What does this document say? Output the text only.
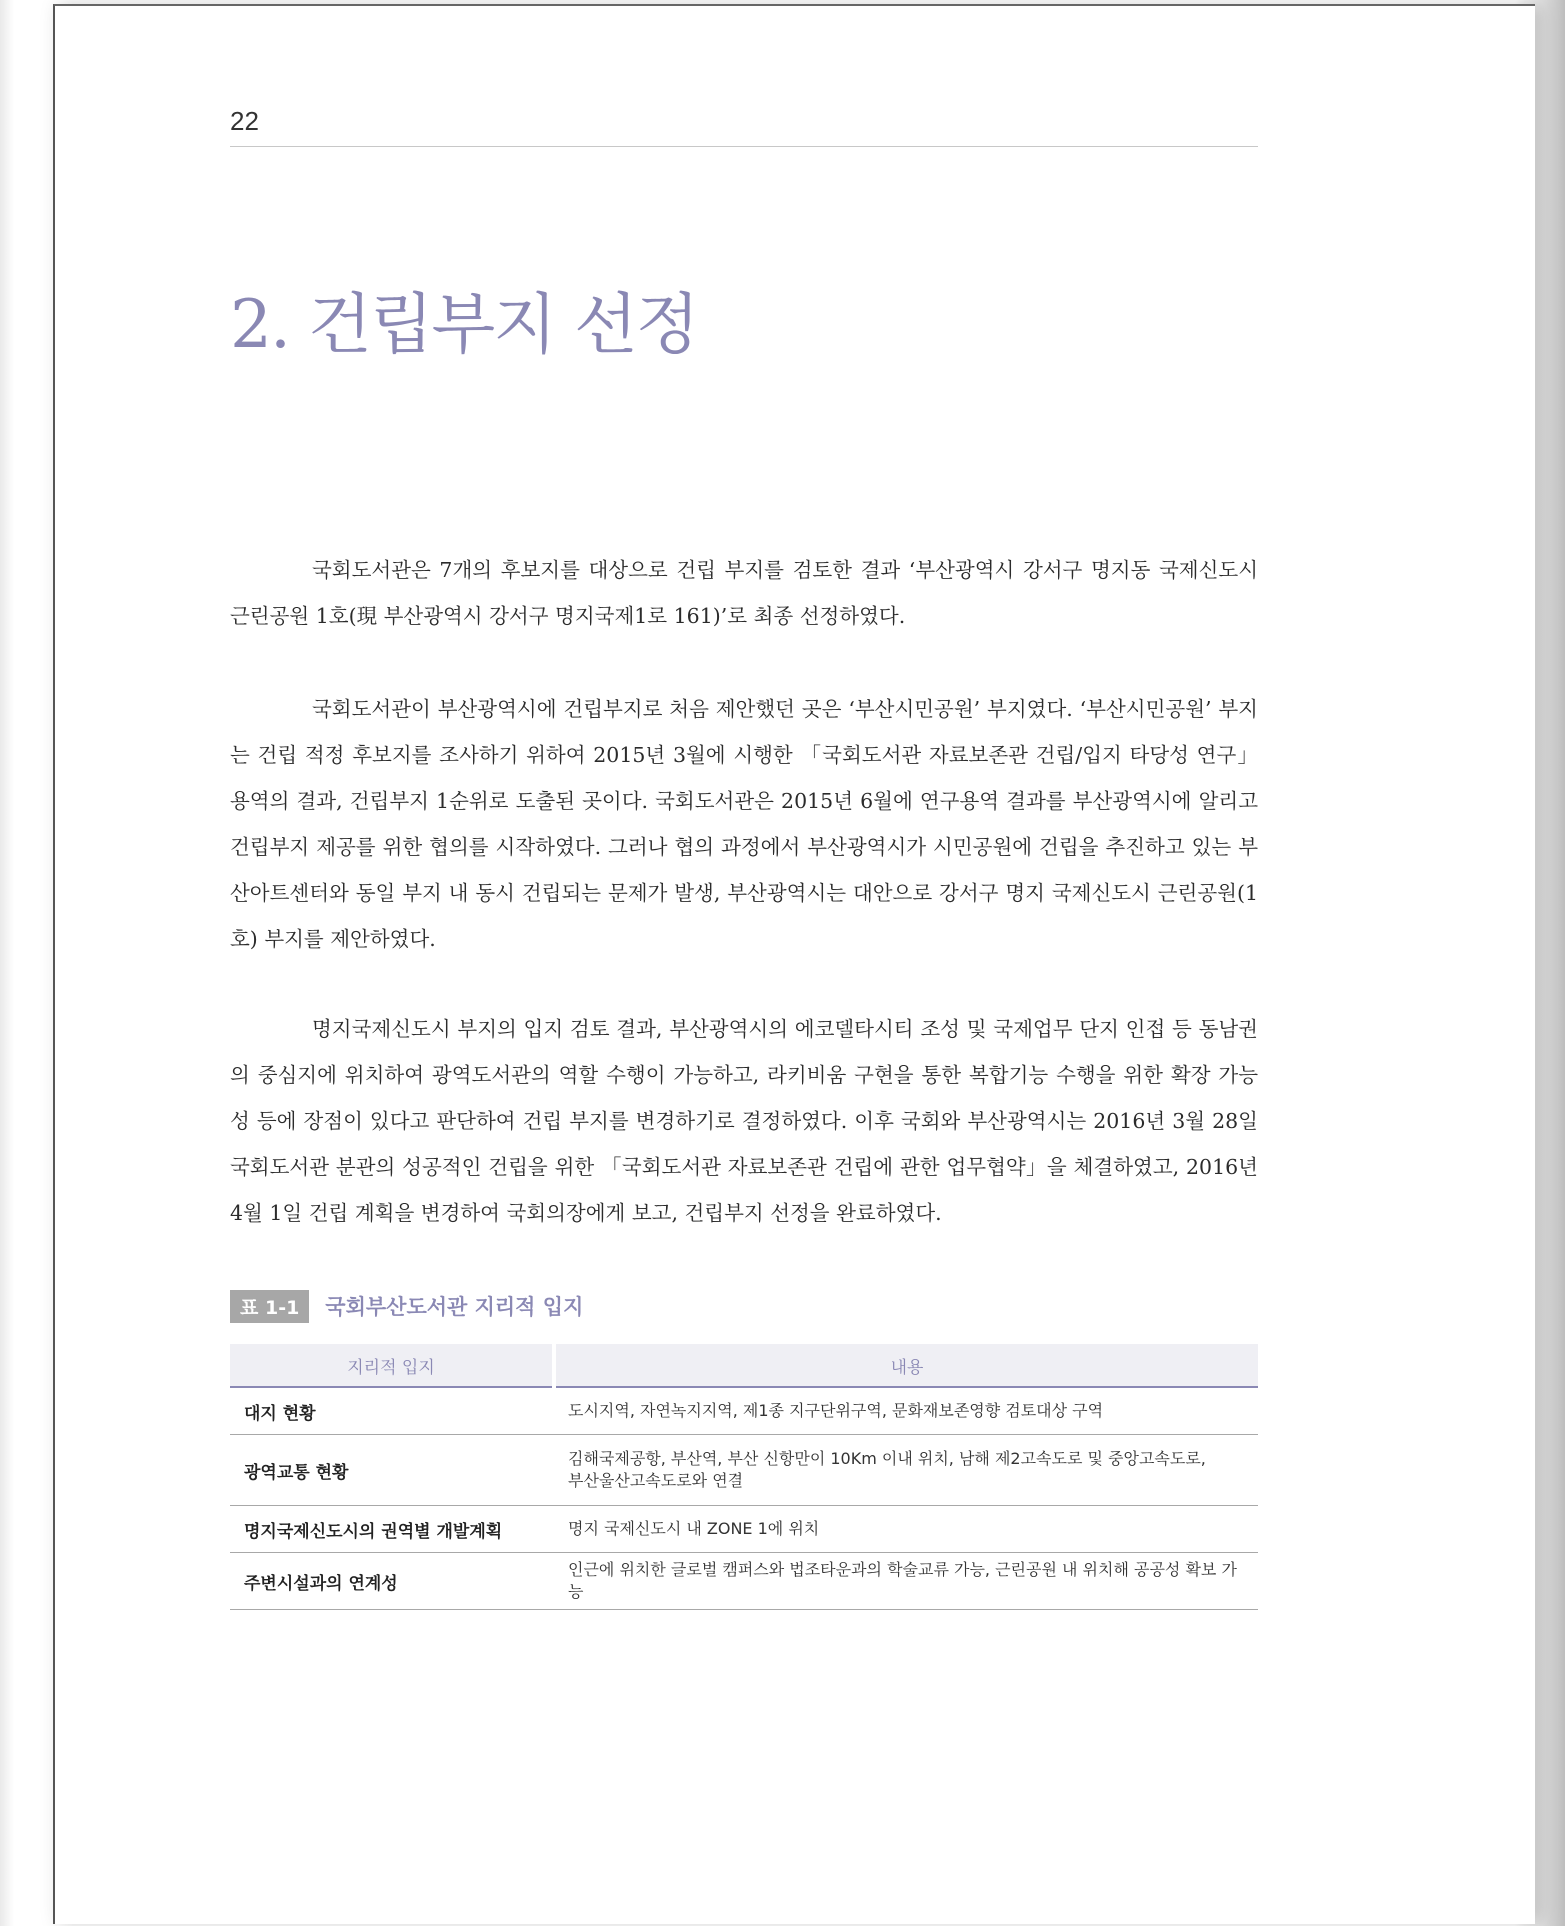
22
2. 건립부지 선정

국회도서관은 7개의 후보지를 대상으로 건립 부지를 검토한 결과 ‘부산광역시 강서구 명지동 국제신도시 근린공원 1호(現 부산광역시 강서구 명지국제1로 161)’로 최종 선정하였다.

국회도서관이 부산광역시에 건립부지로 처음 제안했던 곳은 ‘부산시민공원’ 부지였다. ‘부산시민공원’ 부지는 건립 적정 후보지를 조사하기 위하여 2015년 3월에 시행한 「국회도서관 자료보존관 건립/입지 타당성 연구」 용역의 결과, 건립부지 1순위로 도출된 곳이다. 국회도서관은 2015년 6월에 연구용역 결과를 부산광역시에 알리고 건립부지 제공를 위한 협의를 시작하였다. 그러나 협의 과정에서 부산광역시가 시민공원에 건립을 추진하고 있는 부산아트센터와 동일 부지 내 동시 건립되는 문제가 발생, 부산광역시는 대안으로 강서구 명지 국제신도시 근린공원(1호) 부지를 제안하였다.

명지국제신도시 부지의 입지 검토 결과, 부산광역시의 에코델타시티 조성 및 국제업무 단지 인접 등 동남권의 중심지에 위치하여 광역도서관의 역할 수행이 가능하고, 라키비움 구현을 통한 복합기능 수행을 위한 확장 가능성 등에 장점이 있다고 판단하여 건립 부지를 변경하기로 결정하였다. 이후 국회와 부산광역시는 2016년 3월 28일 국회도서관 분관의 성공적인 건립을 위한 「국회도서관 자료보존관 건립에 관한 업무협약」을 체결하였고, 2016년 4월 1일 건립 계획을 변경하여 국회의장에게 보고, 건립부지 선정을 완료하였다.

표 1-1	국회부산도서관 지리적 입지
지리적 입지	내용
대지 현황	도시지역, 자연녹지지역, 제1종 지구단위구역, 문화재보존영향 검토대상 구역
광역교통 현황	김해국제공항, 부산역, 부산 신항만이 10Km 이내 위치, 남해 제2고속도로 및 중앙고속도로,
부산울산고속도로와 연결

명지국제신도시의 권역별 개발계획	명지 국제신도시 내 ZONE 1에 위치
주변시설과의 연계성	인근에 위치한 글로벌 캠퍼스와 법조타운과의 학술교류 가능, 근린공원 내 위치해 공공성 확보 가능
